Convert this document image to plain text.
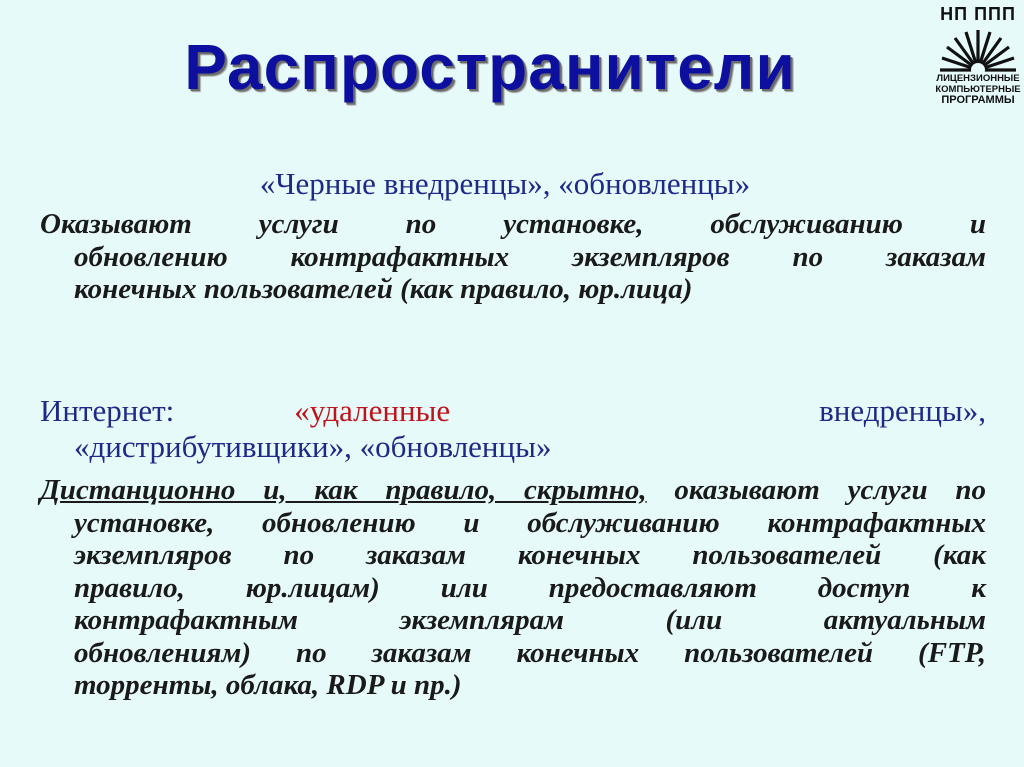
Распространители
НП ППП
ЛИЦЕНЗИОННЫЕ
КОМПЬЮТЕРНЫЕ
ПРОГРАММЫ
«Черные внедренцы», «обновленцы»
Оказывают услуги по установке, обслуживанию и
обновлению контрафактных экземпляров по заказам
конечных пользователей (как правило, юр.лица)
Интернет:	«удаленные	внедренцы»,
«дистрибутивщики», «обновленцы»
Дистанционно и, как правило, скрытно, оказывают услуги по
установке, обновлению и обслуживанию контрафактных
экземпляров по заказам конечных пользователей (как
правило, юр.лицам) или предоставляют доступ к
контрафактным экземплярам (или актуальным
обновлениям) по заказам конечных пользователей (FTP,
торренты, облака, RDP и пр.)
